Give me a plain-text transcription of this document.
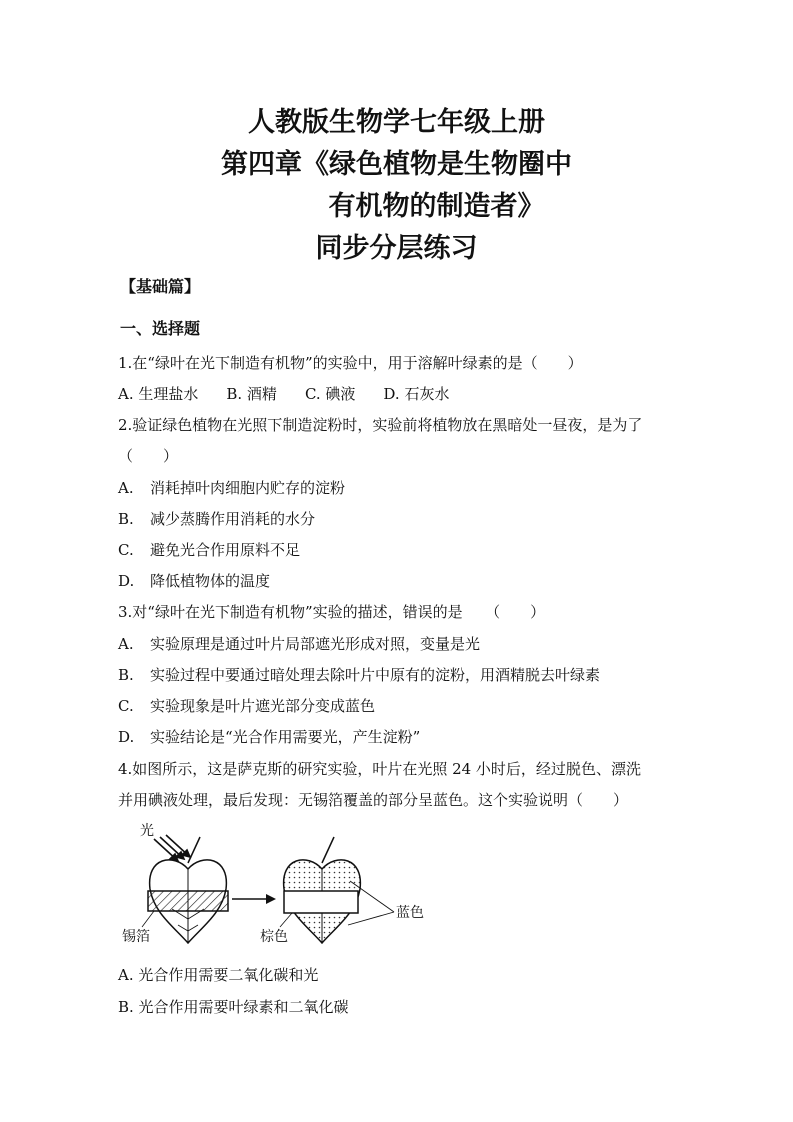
人教版生物学七年级上册
第四章《绿色植物是生物圈中
有机物的制造者》
同步分层练习
【基础篇】
一、选择题
1.在“绿叶在光下制造有机物”的实验中，用于溶解叶绿素的是（　　）
A. 生理盐水 B. 酒精 C. 碘液 D. 石灰水
2.验证绿色植物在光照下制造淀粉时，实验前将植物放在黑暗处一昼夜，是为了
（　　）
A. 消耗掉叶肉细胞内贮存的淀粉
B. 减少蒸腾作用消耗的水分
C. 避免光合作用原料不足
D. 降低植物体的温度
3.对“绿叶在光下制造有机物”实验的描述，错误的是　　（　　）
A. 实验原理是通过叶片局部遮光形成对照，变量是光
B. 实验过程中要通过暗处理去除叶片中原有的淀粉，用酒精脱去叶绿素
C. 实验现象是叶片遮光部分变成蓝色
D. 实验结论是“光合作用需要光，产生淀粉”
4.如图所示，这是萨克斯的研究实验，叶片在光照 24 小时后，经过脱色、漂洗
并用碘液处理，最后发现：无锡箔覆盖的部分呈蓝色。这个实验说明（　　）
光
锡箔	棕色
蓝色
A. 光合作用需要二氧化碳和光
B. 光合作用需要叶绿素和二氧化碳
